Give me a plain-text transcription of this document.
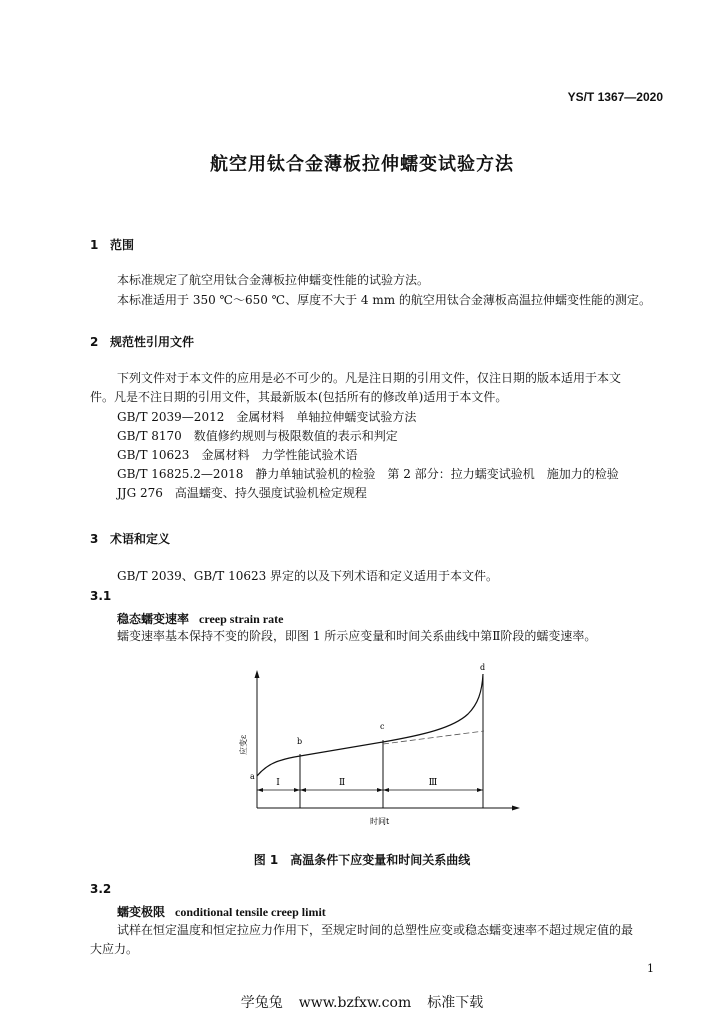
YS/T 1367—2020
航空用钛合金薄板拉伸蠕变试验方法
1 范围
本标准规定了航空用钛合金薄板拉伸蠕变性能的试验方法。
本标准适用于 350 ℃～650 ℃、厚度不大于 4 mm 的航空用钛合金薄板高温拉伸蠕变性能的测定。
2 规范性引用文件
下列文件对于本文件的应用是必不可少的。凡是注日期的引用文件，仅注日期的版本适用于本文
件。凡是不注日期的引用文件，其最新版本(包括所有的修改单)适用于本文件。
GB/T 2039—2012　金属材料　单轴拉伸蠕变试验方法
GB/T 8170　数值修约规则与极限数值的表示和判定
GB/T 10623　金属材料　力学性能试验术语
GB/T 16825.2—2018　静力单轴试验机的检验　第 2 部分：拉力蠕变试验机　施加力的检验
JJG 276　高温蠕变、持久强度试验机检定规程
3 术语和定义
GB/T 2039、GB/T 10623 界定的以及下列术语和定义适用于本文件。
3.1
稳态蠕变速率 creep strain rate
蠕变速率基本保持不变的阶段，即图 1 所示应变量和时间关系曲线中第Ⅱ阶段的蠕变速率。
a
b
c
d
Ⅰ	Ⅱ	Ⅲ
应变ε
时间t
图 1 高温条件下应变量和时间关系曲线
3.2
蠕变极限 conditional tensile creep limit
试样在恒定温度和恒定拉应力作用下，至规定时间的总塑性应变或稳态蠕变速率不超过规定值的最
大应力。
1
学兔兔 www.bzfxw.com 标准下载
